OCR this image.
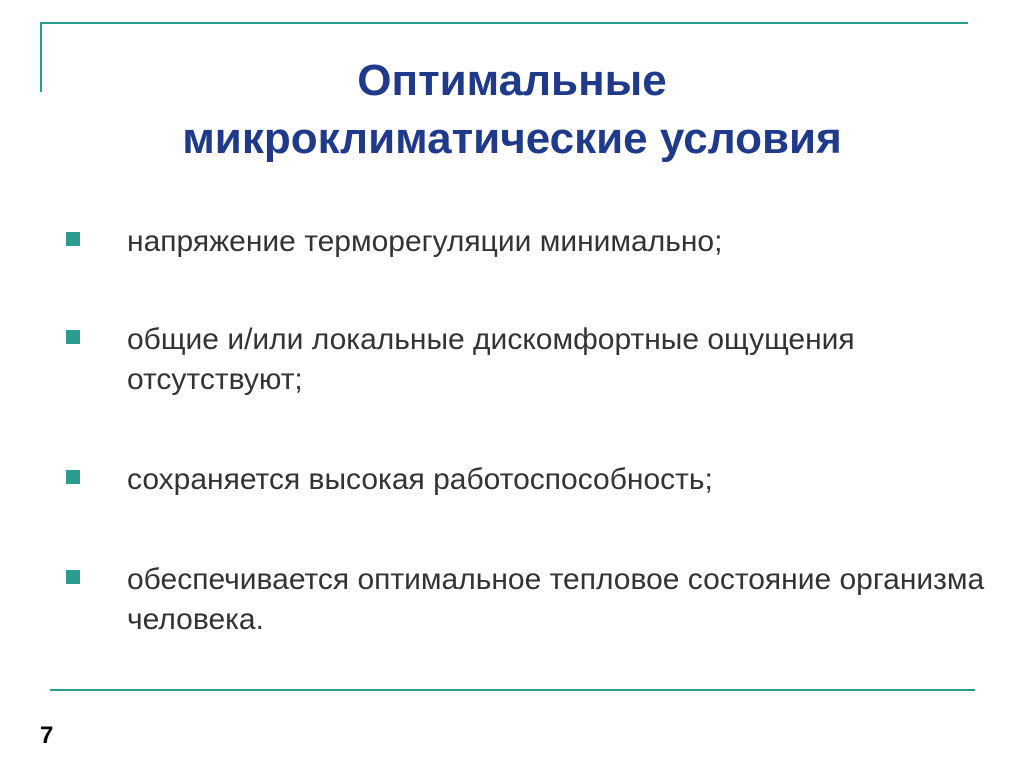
Оптимальные
микроклиматические условия
напряжение терморегуляции минимально;
общие и/или локальные дискомфортные ощущения отсутствуют;
сохраняется высокая работоспособность;
обеспечивается оптимальное тепловое состояние организма человека.
7
